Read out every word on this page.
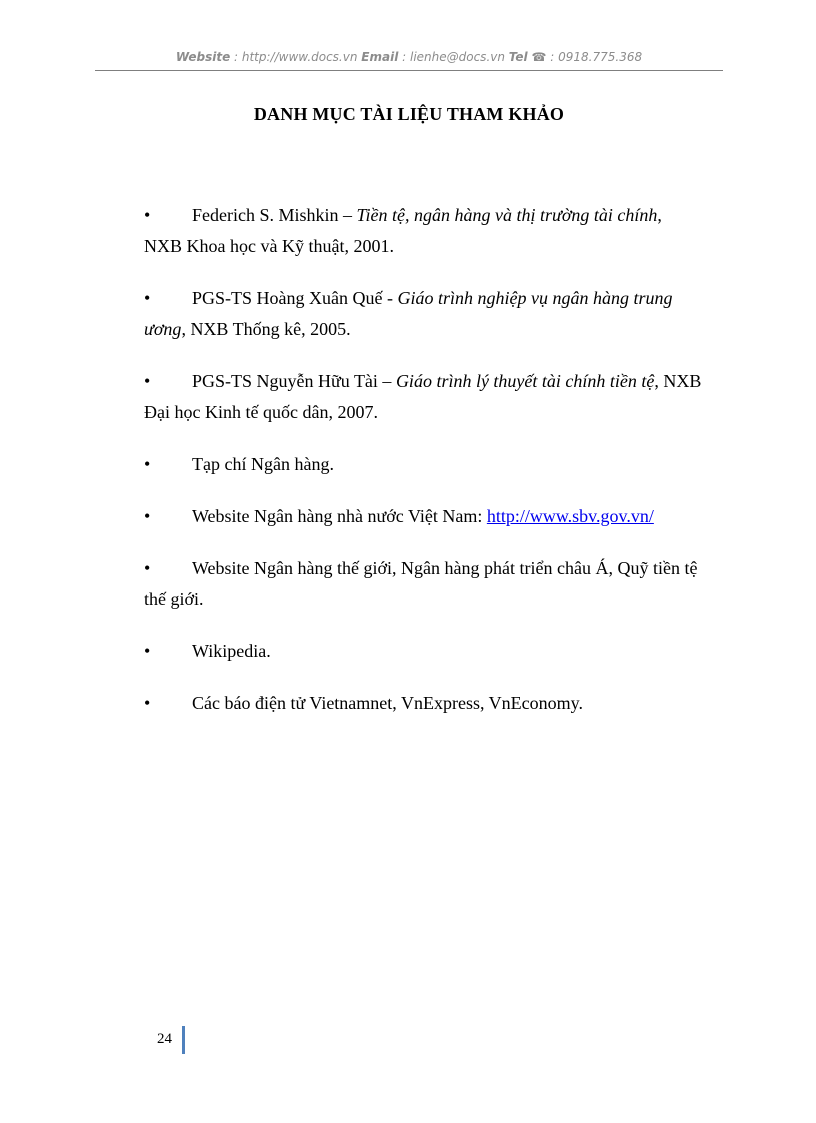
Website : http://www.docs.vn Email : lienhe@docs.vn Tel ☎ : 0918.775.368
DANH MỤC TÀI LIỆU THAM KHẢO
• Federich S. Mishkin – Tiền tệ, ngân hàng và thị trường tài chính, NXB Khoa học và Kỹ thuật, 2001.
• PGS-TS Hoàng Xuân Quế - Giáo trình nghiệp vụ ngân hàng trung ương, NXB Thống kê, 2005.
• PGS-TS Nguyễn Hữu Tài – Giáo trình lý thuyết tài chính tiền tệ, NXB Đại học Kinh tế quốc dân, 2007.
• Tạp chí Ngân hàng.
• Website Ngân hàng nhà nước Việt Nam: http://www.sbv.gov.vn/
• Website Ngân hàng thế giới, Ngân hàng phát triển châu Á, Quỹ tiền tệ thế giới.
• Wikipedia.
• Các báo điện tử Vietnamnet, VnExpress, VnEconomy.
24
